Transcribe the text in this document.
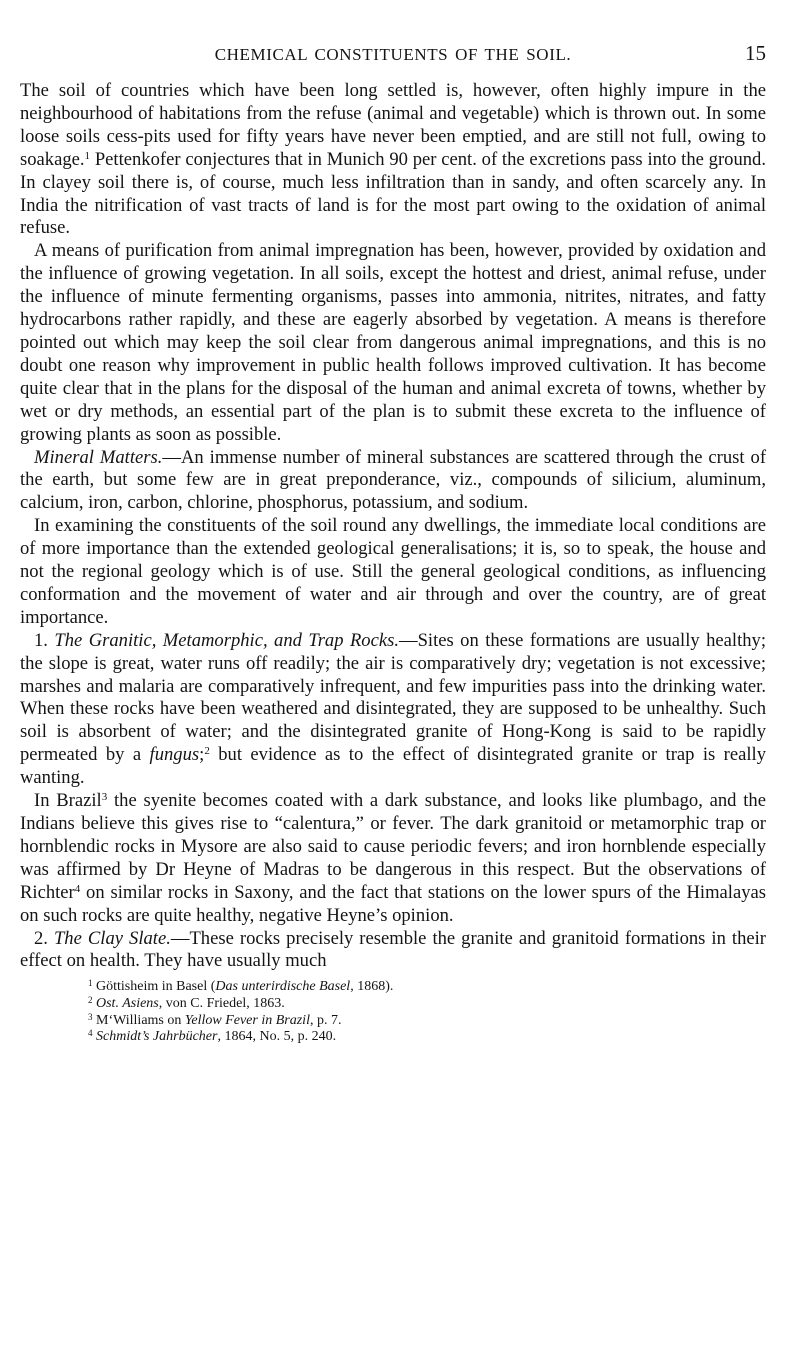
CHEMICAL CONSTITUENTS OF THE SOIL.	15

The soil of countries which have been long settled is, however, often highly impure in the neighbourhood of habitations from the refuse (animal and vegetable) which is thrown out. In some loose soils cess-pits used for fifty years have never been emptied, and are still not full, owing to soakage.$^1$ Pettenkofer conjectures that in Munich 90 per cent. of the excretions pass into the ground. In clayey soil there is, of course, much less infiltration than in sandy, and often scarcely any. In India the nitrification of vast tracts of land is for the most part owing to the oxidation of animal refuse.

A means of purification from animal impregnation has been, however, provided by oxidation and the influence of growing vegetation. In all soils, except the hottest and driest, animal refuse, under the influence of minute fermenting organisms, passes into ammonia, nitrites, nitrates, and fatty hydrocarbons rather rapidly, and these are eagerly absorbed by vegetation. A means is therefore pointed out which may keep the soil clear from dangerous animal impregnations, and this is no doubt one reason why improvement in public health follows improved cultivation. It has become quite clear that in the plans for the disposal of the human and animal excreta of towns, whether by wet or dry methods, an essential part of the plan is to submit these excreta to the influence of growing plants as soon as possible.

Mineral Matters.—An immense number of mineral substances are scattered through the crust of the earth, but some few are in great preponderance, viz., compounds of silicium, aluminum, calcium, iron, carbon, chlorine, phosphorus, potassium, and sodium.

In examining the constituents of the soil round any dwellings, the immediate local conditions are of more importance than the extended geological generalisations; it is, so to speak, the house and not the regional geology which is of use. Still the general geological conditions, as influencing conformation and the movement of water and air through and over the country, are of great importance.

1. The Granitic, Metamorphic, and Trap Rocks.—Sites on these formations are usually healthy; the slope is great, water runs off readily; the air is comparatively dry; vegetation is not excessive; marshes and malaria are comparatively infrequent, and few impurities pass into the drinking water. When these rocks have been weathered and disintegrated, they are supposed to be unhealthy. Such soil is absorbent of water; and the disintegrated granite of Hong-Kong is said to be rapidly permeated by a fungus;$^2$ but evidence as to the effect of disintegrated granite or trap is really wanting.

In Brazil$^3$ the syenite becomes coated with a dark substance, and looks like plumbago, and the Indians believe this gives rise to “calentura,” or fever. The dark granitoid or metamorphic trap or hornblendic rocks in Mysore are also said to cause periodic fevers; and iron hornblende especially was affirmed by Dr Heyne of Madras to be dangerous in this respect. But the observations of Richter$^4$ on similar rocks in Saxony, and the fact that stations on the lower spurs of the Himalayas on such rocks are quite healthy, negative Heyne’s opinion.

2. The Clay Slate.—These rocks precisely resemble the granite and granitoid formations in their effect on health. They have usually much

$^1$ Göttisheim in Basel (Das unterirdische Basel, 1868).
$^2$ Ost. Asiens, von C. Friedel, 1863.
$^3$ M‘Williams on Yellow Fever in Brazil, p. 7.
$^4$ Schmidt’s Jahrbücher, 1864, No. 5, p. 240.
